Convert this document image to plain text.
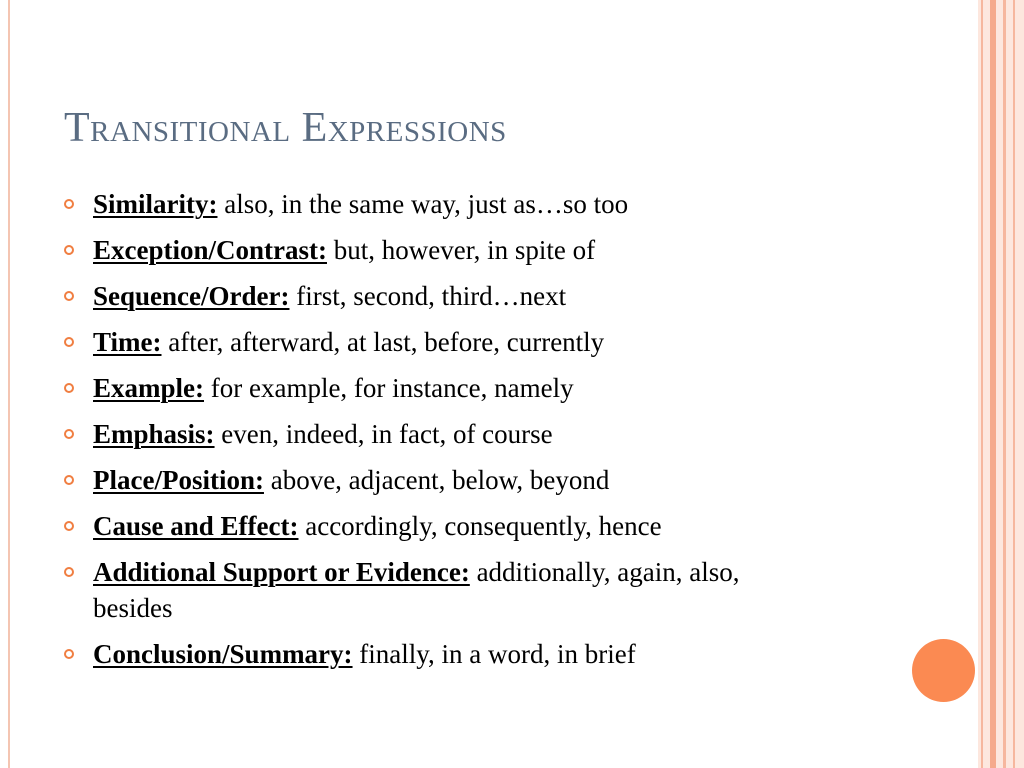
Transitional Expressions
Similarity: also, in the same way, just as…so too
Exception/Contrast: but, however, in spite of
Sequence/Order: first, second, third…next
Time: after, afterward, at last, before, currently
Example: for example, for instance, namely
Emphasis: even, indeed, in fact, of course
Place/Position: above, adjacent, below, beyond
Cause and Effect: accordingly, consequently, hence
Additional Support or Evidence: additionally, again, also, besides
Conclusion/Summary: finally, in a word, in brief
